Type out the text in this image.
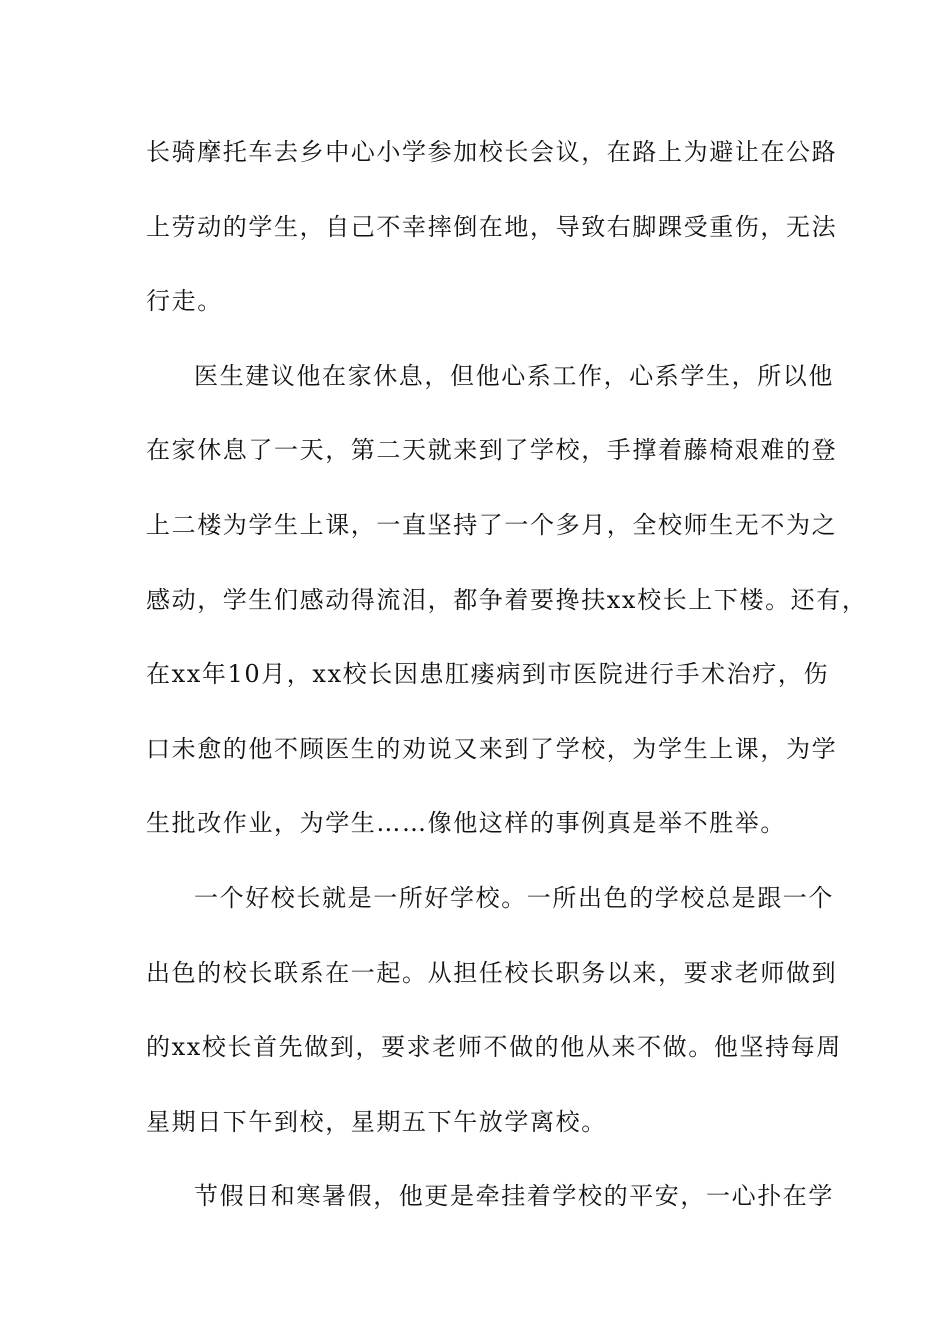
长骑摩托车去乡中心小学参加校长会议，在路上为避让在公路
上劳动的学生，自己不幸摔倒在地，导致右脚踝受重伤，无法
行走。
医生建议他在家休息，但他心系工作，心系学生，所以他
在家休息了一天，第二天就来到了学校，手撑着藤椅艰难的登
上二楼为学生上课，一直坚持了一个多月，全校师生无不为之
感动，学生们感动得流泪，都争着要搀扶xx校长上下楼。还有，
在xx年10月，xx校长因患肛瘘病到市医院进行手术治疗，伤
口未愈的他不顾医生的劝说又来到了学校，为学生上课，为学
生批改作业，为学生……像他这样的事例真是举不胜举。
一个好校长就是一所好学校。一所出色的学校总是跟一个
出色的校长联系在一起。从担任校长职务以来，要求老师做到
的xx校长首先做到，要求老师不做的他从来不做。他坚持每周
星期日下午到校，星期五下午放学离校。
节假日和寒暑假，他更是牵挂着学校的平安，一心扑在学
